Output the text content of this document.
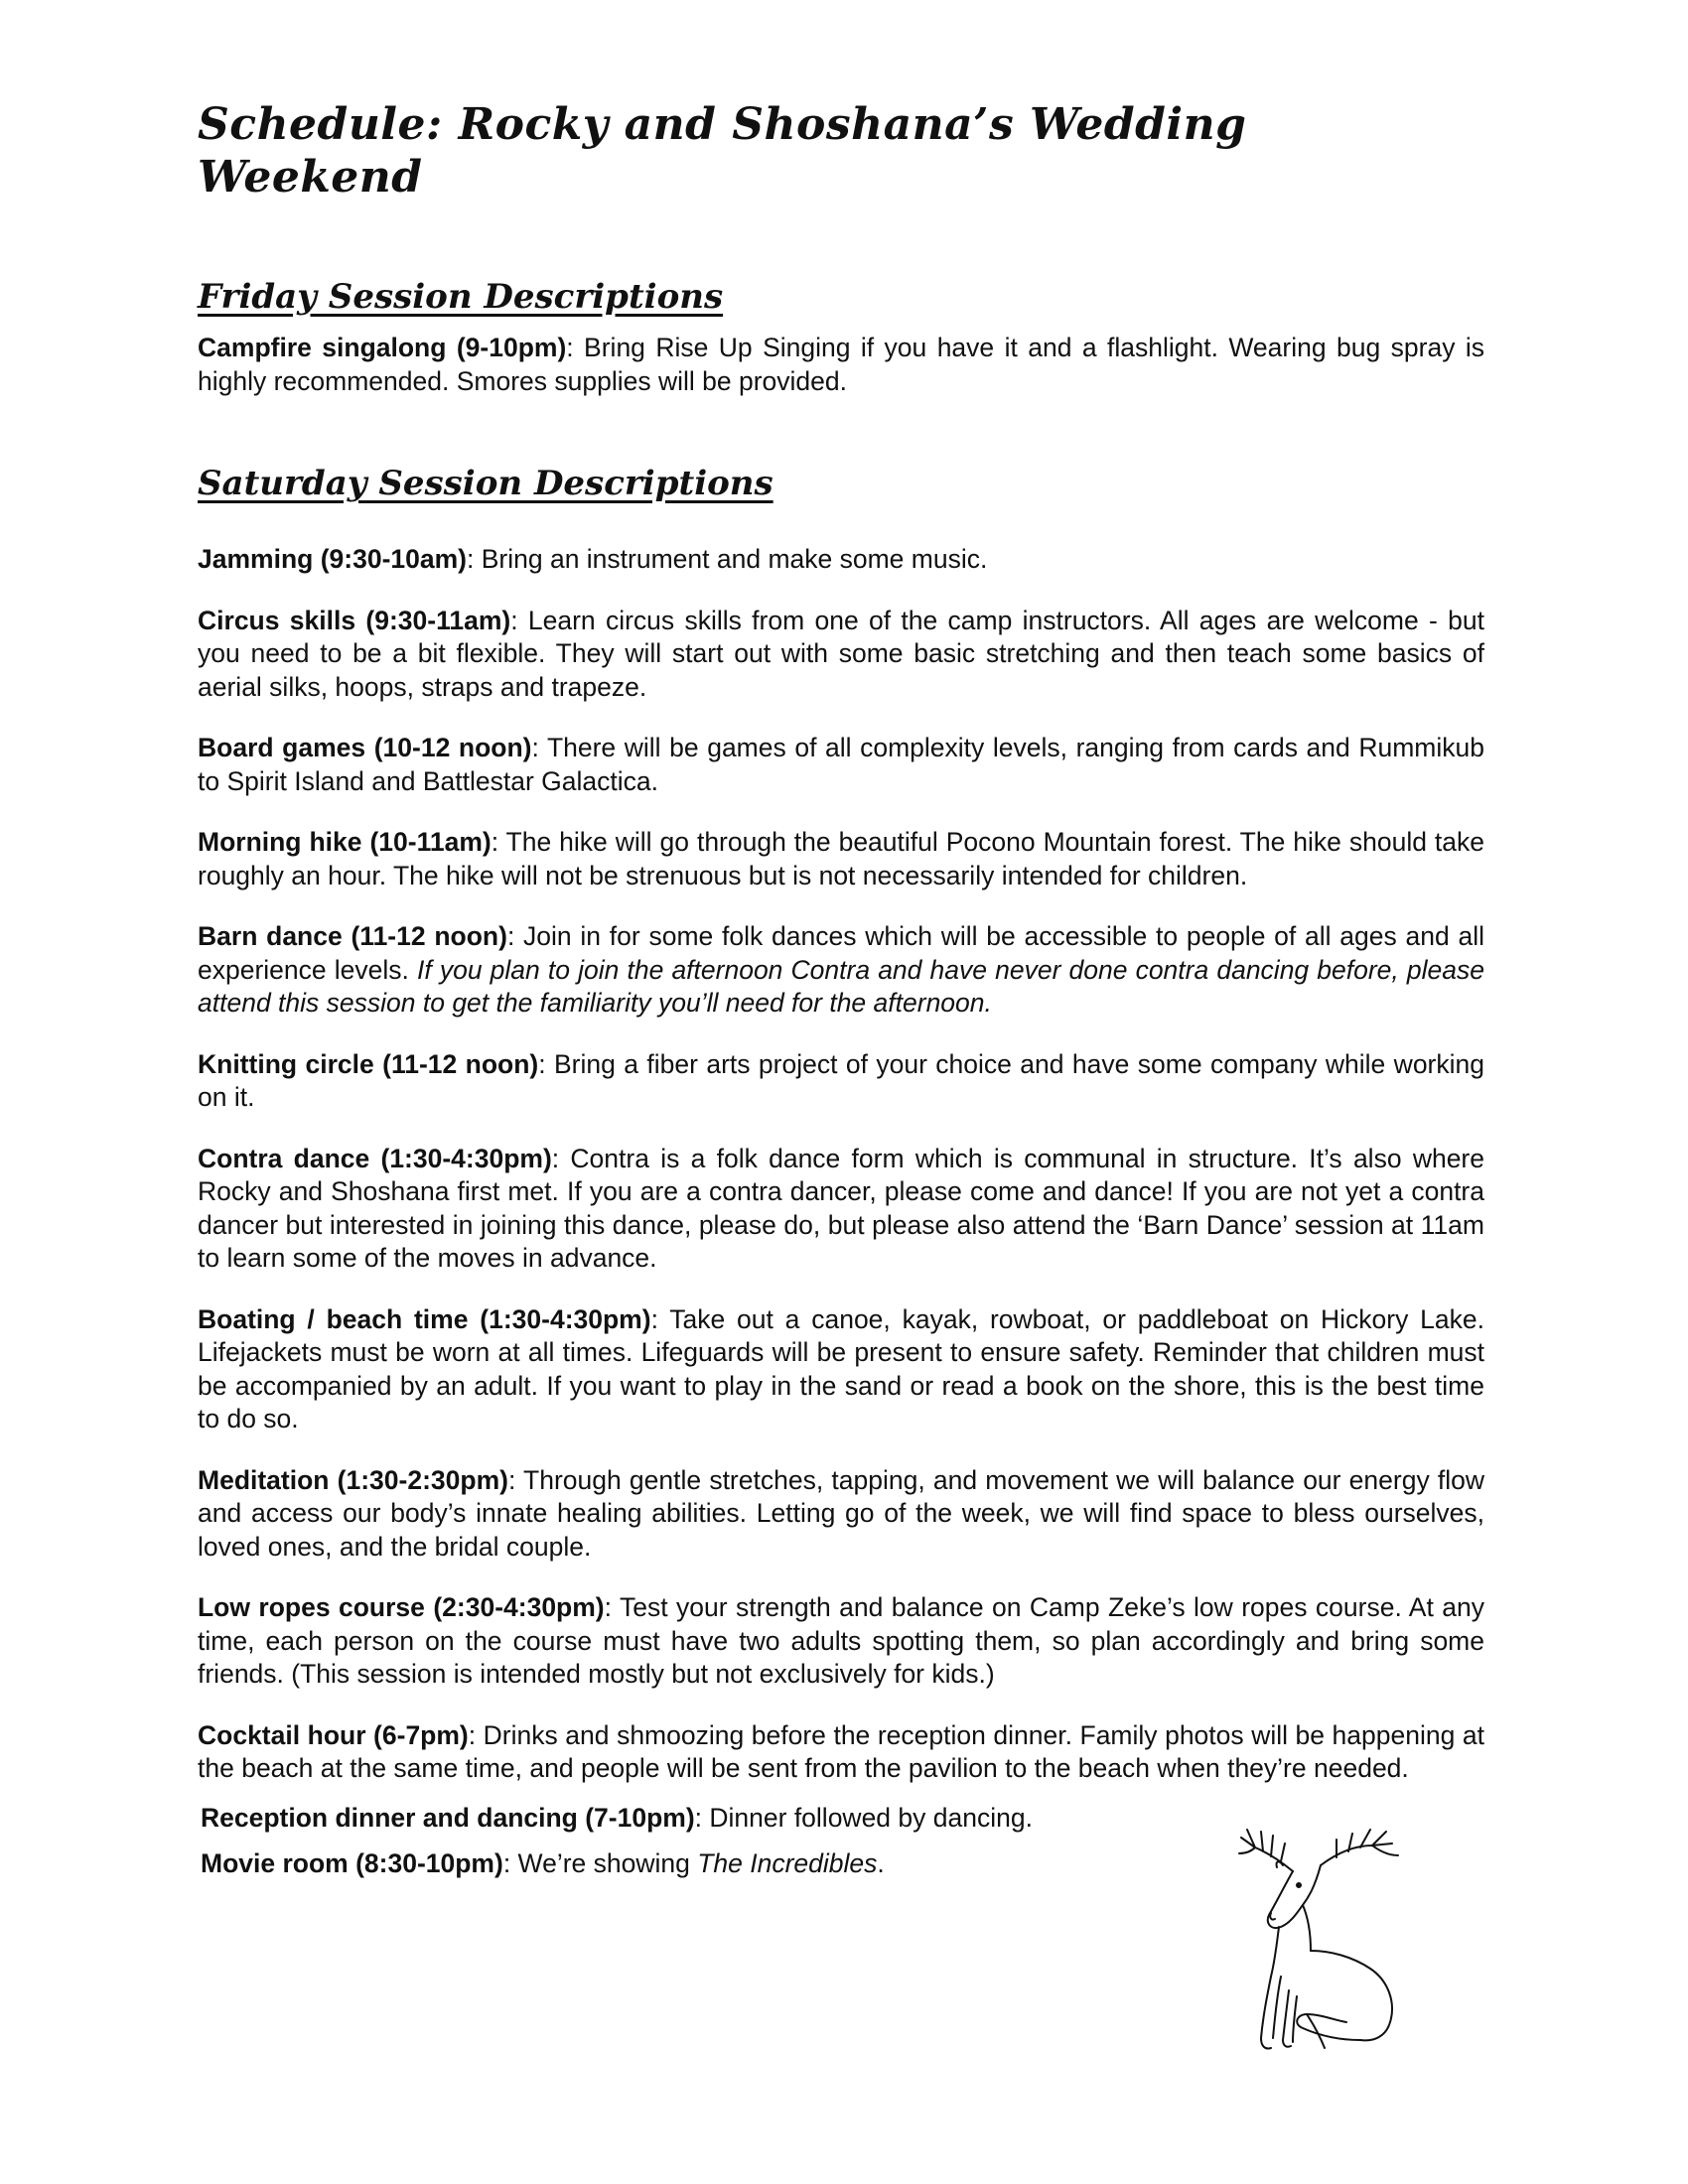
Schedule: Rocky and Shoshana’s Wedding Weekend
Friday Session Descriptions

Campfire singalong (9-10pm): Bring Rise Up Singing if you have it and a flashlight. Wearing bug spray is highly recommended. Smores supplies will be provided.

Saturday Session Descriptions

Jamming (9:30-10am): Bring an instrument and make some music.

Circus skills (9:30-11am): Learn circus skills from one of the camp instructors. All ages are welcome - but you need to be a bit flexible. They will start out with some basic stretching and then teach some basics of aerial silks, hoops, straps and trapeze.

Board games (10-12 noon): There will be games of all complexity levels, ranging from cards and Rummikub to Spirit Island and Battlestar Galactica.

Morning hike (10-11am): The hike will go through the beautiful Pocono Mountain forest. The hike should take roughly an hour. The hike will not be strenuous but is not necessarily intended for children.

Barn dance (11-12 noon): Join in for some folk dances which will be accessible to people of all ages and all experience levels. If you plan to join the afternoon Contra and have never done contra dancing before, please attend this session to get the familiarity you’ll need for the afternoon.

Knitting circle (11-12 noon): Bring a fiber arts project of your choice and have some company while working on it.

Contra dance (1:30-4:30pm): Contra is a folk dance form which is communal in structure. It’s also where Rocky and Shoshana first met. If you are a contra dancer, please come and dance! If you are not yet a contra dancer but interested in joining this dance, please do, but please also attend the ‘Barn Dance’ session at 11am to learn some of the moves in advance.

Boating / beach time (1:30-4:30pm): Take out a canoe, kayak, rowboat, or paddleboat on Hickory Lake. Lifejackets must be worn at all times. Lifeguards will be present to ensure safety. Reminder that children must be accompanied by an adult. If you want to play in the sand or read a book on the shore, this is the best time to do so.

Meditation (1:30-2:30pm): Through gentle stretches, tapping, and movement we will balance our energy flow and access our body’s innate healing abilities. Letting go of the week, we will find space to bless ourselves, loved ones, and the bridal couple.

Low ropes course (2:30-4:30pm): Test your strength and balance on Camp Zeke’s low ropes course. At any time, each person on the course must have two adults spotting them, so plan accordingly and bring some friends. (This session is intended mostly but not exclusively for kids.)

Cocktail hour (6-7pm): Drinks and shmoozing before the reception dinner. Family photos will be happening at the beach at the same time, and people will be sent from the pavilion to the beach when they’re needed.

Reception dinner and dancing (7-10pm): Dinner followed by dancing.

Movie room (8:30-10pm): We’re showing The Incredibles.
